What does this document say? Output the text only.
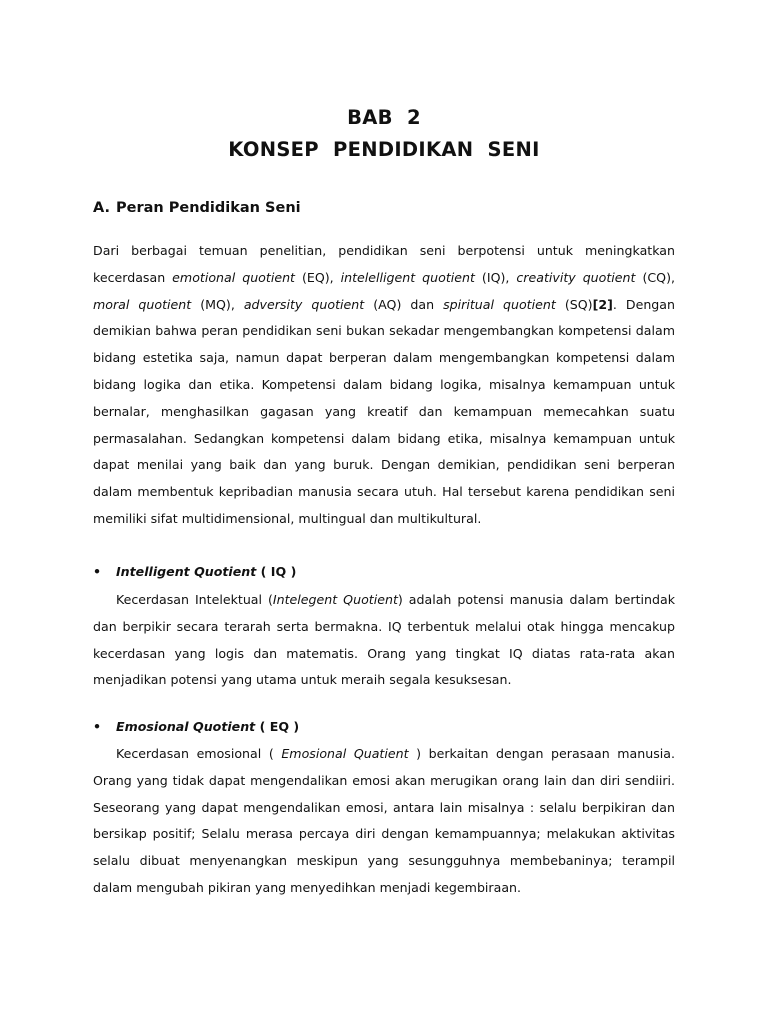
BAB  2
KONSEP  PENDIDIKAN  SENI
A. Peran Pendidikan Seni

Dari berbagai temuan penelitian, pendidikan seni berpotensi untuk meningkatkan kecerdasan emotional quotient (EQ), intelelligent quotient (IQ), creativity quotient (CQ), moral quotient (MQ), adversity quotient (AQ) dan spiritual quotient (SQ)[2]. Dengan demikian bahwa peran pendidikan seni bukan sekadar mengembangkan kompetensi dalam bidang estetika saja, namun dapat berperan dalam mengembangkan kompetensi dalam bidang logika dan etika. Kompetensi dalam bidang logika, misalnya kemampuan untuk bernalar, menghasilkan gagasan yang kreatif dan kemampuan memecahkan suatu permasalahan. Sedangkan kompetensi dalam bidang etika, misalnya kemampuan untuk dapat menilai yang baik dan yang buruk. Dengan demikian, pendidikan seni berperan dalam membentuk kepribadian manusia secara utuh. Hal tersebut karena pendidikan seni memiliki sifat multidimensional, multingual dan multikultural.

• Intelligent Quotient ( IQ )

Kecerdasan Intelektual (Intelegent Quotient) adalah potensi manusia dalam bertindak dan berpikir secara terarah serta bermakna. IQ terbentuk melalui otak hingga mencakup kecerdasan yang logis dan matematis. Orang yang tingkat IQ diatas rata-rata akan menjadikan potensi yang utama untuk meraih segala kesuksesan.

• Emosional Quotient ( EQ )

Kecerdasan emosional ( Emosional Quatient ) berkaitan dengan perasaan manusia. Orang yang tidak dapat mengendalikan emosi akan merugikan orang lain dan diri sendiiri. Seseorang yang dapat mengendalikan emosi, antara lain misalnya : selalu berpikiran dan bersikap positif; Selalu merasa percaya diri dengan kemampuannya; melakukan aktivitas selalu dibuat menyenangkan meskipun yang sesungguhnya membebaninya; terampil dalam mengubah pikiran yang menyedihkan menjadi kegembiraan.
